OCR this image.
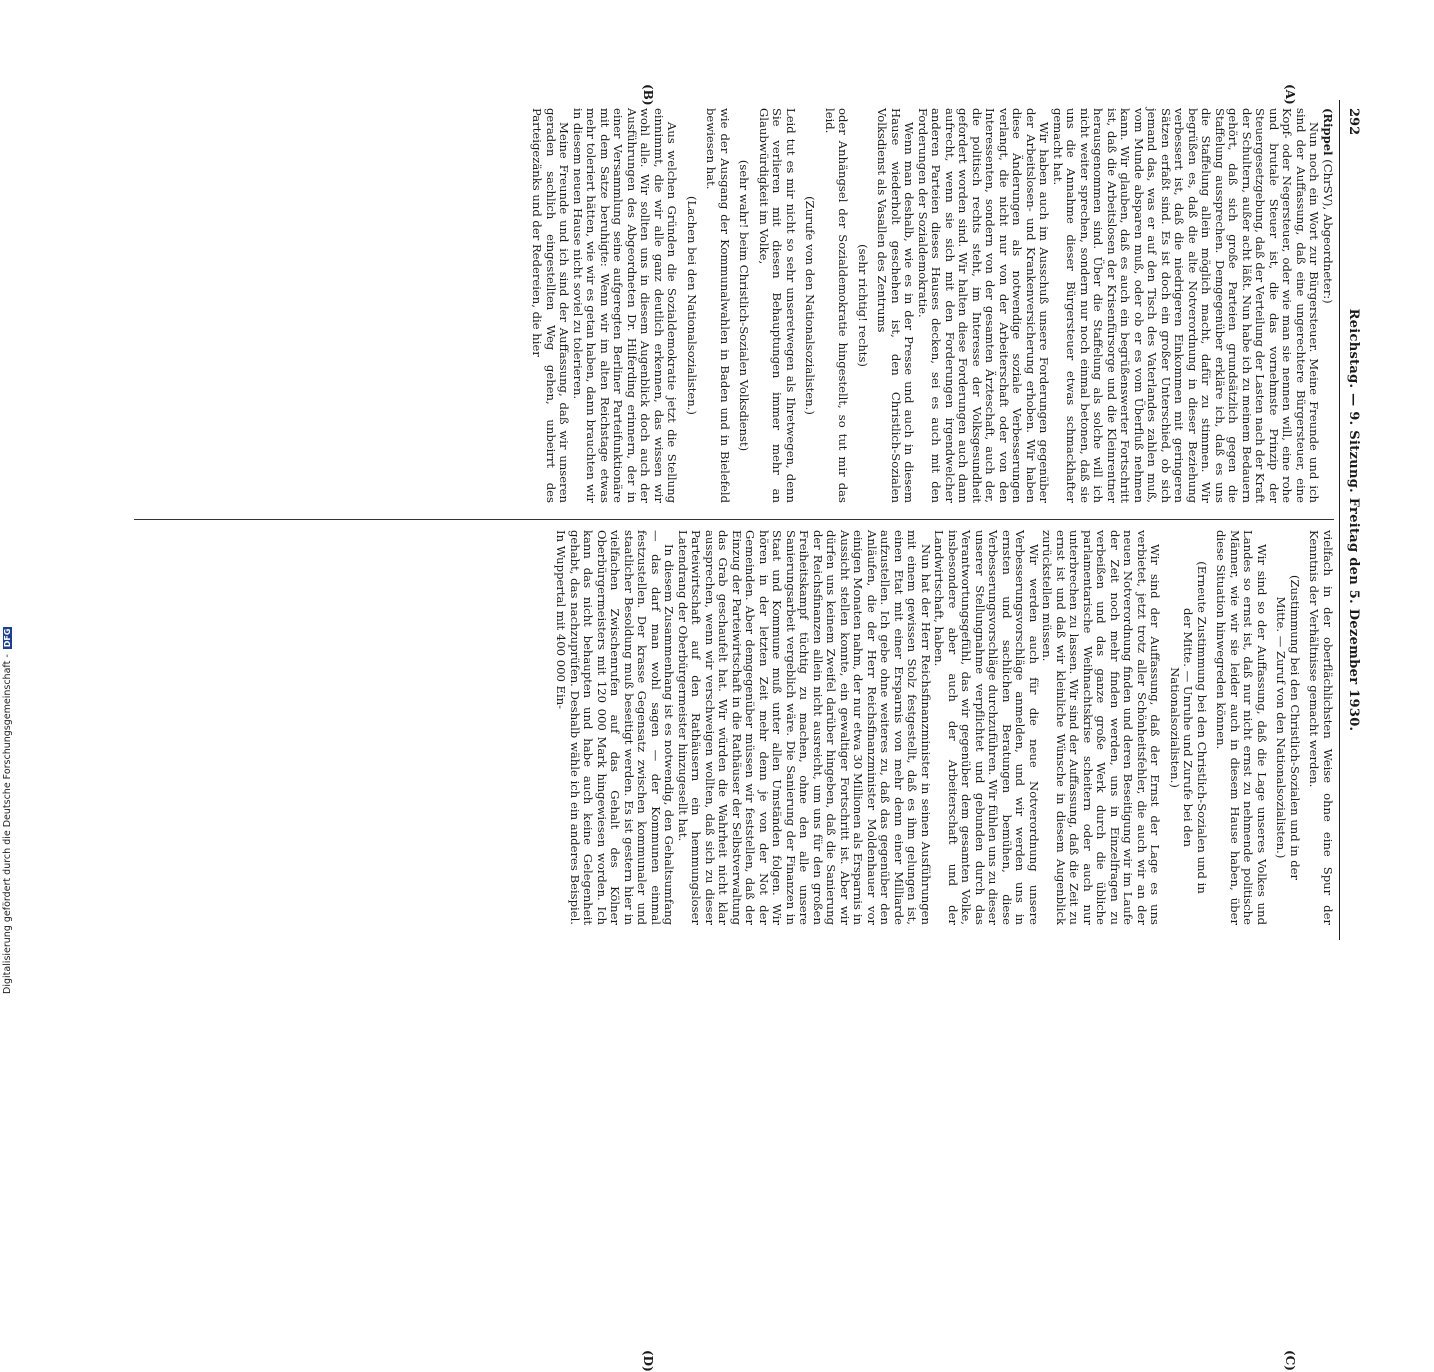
292
Reichstag. — 9. Sitzung. Freitag den 5. Dezember 1930.
(A)
(B)

(Rippel (ChrSV), Abgeordneter:)

Nun noch ein Wort zur Bürgersteuer. Meine Freunde und ich sind der Auffassung, daß eine ungerechtere Bürgersteuer, eine Kopf- oder Negersteuer, oder wie man sie nennen will, eine rohe und brutale Steuer ist, die das vornehmste Prinzip der Steuergesetzgebung, daß der Verteilung der Lasten nach der Kraft der Schultern, außer acht läßt. Nun habe ich zu meinem Bedauern gehört, daß sich große Parteien grundsätzlich gegen die Staffelung aussprechen. Demgegenüber erkläre ich, daß es uns die Staffelung allein möglich macht, dafür zu stimmen. Wir begrüßen es, daß die alte Notverordnung in dieser Beziehung verbessert ist, daß die niedrigeren Einkommen mit geringeren Sätzen erfaßt sind. Es ist doch ein großer Unterschied, ob sich jemand das, was er auf den Tisch des Vaterlandes zahlen muß, vom Munde absparen muß, oder ob er es vom Überfluß nehmen kann. Wir glauben, daß es auch ein begrüßenswerter Fortschritt ist, daß die Arbeitslosen der Krisenfürsorge und die Kleinrentner herausgenommen sind. Über die Staffelung als solche will ich nicht weiter sprechen, sondern nur noch einmal betonen, daß sie uns die Annahme dieser Bürgersteuer etwas schmackhafter gemacht hat.

Wir haben auch im Ausschuß unsere Forderungen gegenüber der Arbeitslosen- und Krankenversicherung erhoben. Wir haben diese Änderungen als notwendige soziale Verbesserungen verlangt, die nicht nur von der Arbeiterschaft oder von den Interessenten, sondern von der gesamten Ärzteschaft, auch der, die politisch rechts steht, im Interesse der Volksgesundheit gefordert worden sind. Wir halten diese Forderungen auch dann aufrecht, wenn sie sich mit den Forderungen irgendwelcher anderen Parteien dieses Hauses decken, sei es auch mit den Forderungen der Sozialdemokratie.

Wenn man deshalb, wie es in der Presse und auch in diesem Hause wiederholt geschehen ist, den Christlich-Sozialen Volksdienst als Vasallen des Zentrums

(sehr richtig! rechts)

oder Anhängsel der Sozialdemokratie hingestellt, so tut mir das leid.

(Zurufe von den Nationalsozialisten.)

Leid tut es mir nicht so sehr unseretwegen als Ihretwegen, denn Sie verlieren mit diesen Behauptungen immer mehr an Glaubwürdigkeit im Volke,

(sehr wahr! beim Christlich-Sozialen Volksdienst)

wie der Ausgang der Kommunalwahlen in Baden und in Bielefeld bewiesen hat.

(Lachen bei den Nationalsozialisten.)

Aus welchen Gründen die Sozialdemokratie jetzt die Stellung einnimmt, die wir alle ganz deutlich erkennen, das wissen wir wohl alle. Wir sollten uns in diesem Augenblick doch auch der Ausführungen des Abgeordneten Dr. Hilferding erinnern, der in einer Versammlung seine aufgeregten Berliner Parteifunktionäre mit dem Satze beruhigte: Wenn wir im alten Reichstage etwas mehr toleriert hätten, wie wir es getan haben, dann brauchten wir in diesem neuen Hause nicht soviel zu tolerieren.

Meine Freunde und ich sind der Auffassung, daß wir unseren geraden sachlich eingestellten Weg gehen, unbeirrt des Parteigezänks und der Redereien, die hier

(C)
(D)

vielfach in der oberflächlichsten Weise ohne eine Spur der Kenntnis der Verhältnisse gemacht werden.

(Zustimmung bei den Christlich-Sozialen und in der Mitte. — Zuruf von den Nationalsozialisten.)

Wir sind so der Auffassung, daß die Lage unseres Volkes und Landes so ernst ist, daß nur nicht ernst zu nehmende politische Männer, wie wir sie leider auch in diesem Hause haben, über diese Situation hinwegreden können.

(Erneute Zustimmung bei den Christlich-Sozialen und in der Mitte. — Unruhe und Zurufe bei den Nationalsozialisten.)

Wir sind der Auffassung, daß der Ernst der Lage es uns verbietet, jetzt trotz aller Schönheitsfehler, die auch wir an der neuen Notverordnung finden und deren Beseitigung wir im Laufe der Zeit noch mehr finden werden, uns in Einzelfragen zu verbeißen und das ganze große Werk durch die übliche parlamentarische Weihnachtskrise scheitern oder auch nur unterbrechen zu lassen. Wir sind der Auffassung, daß die Zeit zu ernst ist und daß wir kleinliche Wünsche in diesem Augenblick zurückstellen müssen.

Wir werden auch für die neue Notverordnung unsere Verbesserungsvorschläge anmelden, und wir werden uns in ernsten und sachlichen Beratungen bemühen, diese Verbesserungsvorschläge durchzuführen. Wir fühlen uns zu dieser unserer Stellungnahme verpflichtet und gebunden durch das Verantwortungsgefühl, das wir gegenüber dem gesamten Volke, insbesondere aber auch der Arbeiterschaft und der Landwirtschaft, haben.

Nun hat der Herr Reichsfinanzminister in seinen Ausführungen mit einem gewissen Stolz festgestellt, daß es ihm gelungen ist, einen Etat mit einer Ersparnis von mehr denn einer Milliarde aufzustellen. Ich gebe ohne weiteres zu, daß das gegenüber den Anläufen, die der Herr Reichsfinanzminister Moldenhauer vor einigen Monaten nahm, der nur etwa 30 Millionen als Ersparnis in Aussicht stellen konnte, ein gewaltiger Fortschritt ist. Aber wir dürfen uns keinem Zweifel darüber hingeben, daß die Sanierung der Reichsfinanzen allein nicht ausreicht, um uns für den großen Freiheitskampf tüchtig zu machen, ohne den alle unsere Sanierungsarbeit vergeblich wäre. Die Sanierung der Finanzen in Staat und Kommune muß unter allen Umständen folgen. Wir hören in der letzten Zeit mehr denn je von der Not der Gemeinden. Aber demgegenüber müssen wir feststellen, daß der Einzug der Parteiwirtschaft in die Rathäuser der Selbstverwaltung das Grab geschaufelt hat. Wir würden die Wahrheit nicht klar aussprechen, wenn wir verschweigen wollten, daß sich zu dieser Parteiwirtschaft auf den Rathäusern ein hemmungsloser Latendrang der Oberbürgermeister hinzugesellt hat.

In diesem Zusammenhang ist es notwendig, den Gehaltsumfang — das darf man wohl sagen — der Kommunen einmal festzustellen. Der krasse Gegensatz zwischen kommunaler und staatlicher Besoldung muß beseitigt werden. Es ist gestern hier in vielfachen Zwischenrufen auf das Gehalt des Kölner Oberbürgermeisters mit 120 000 Mark hingewiesen worden. Ich kann das nicht behaupten und habe auch keine Gelegenheit gehabt, das nachzuprüfen. Deshalb wähle ich ein anderes Beispiel. In Wuppertal mit 400 000 Ein-

Digitalisierung gefördert durch die Deutsche Forschungsgemeinschaft - DFG
